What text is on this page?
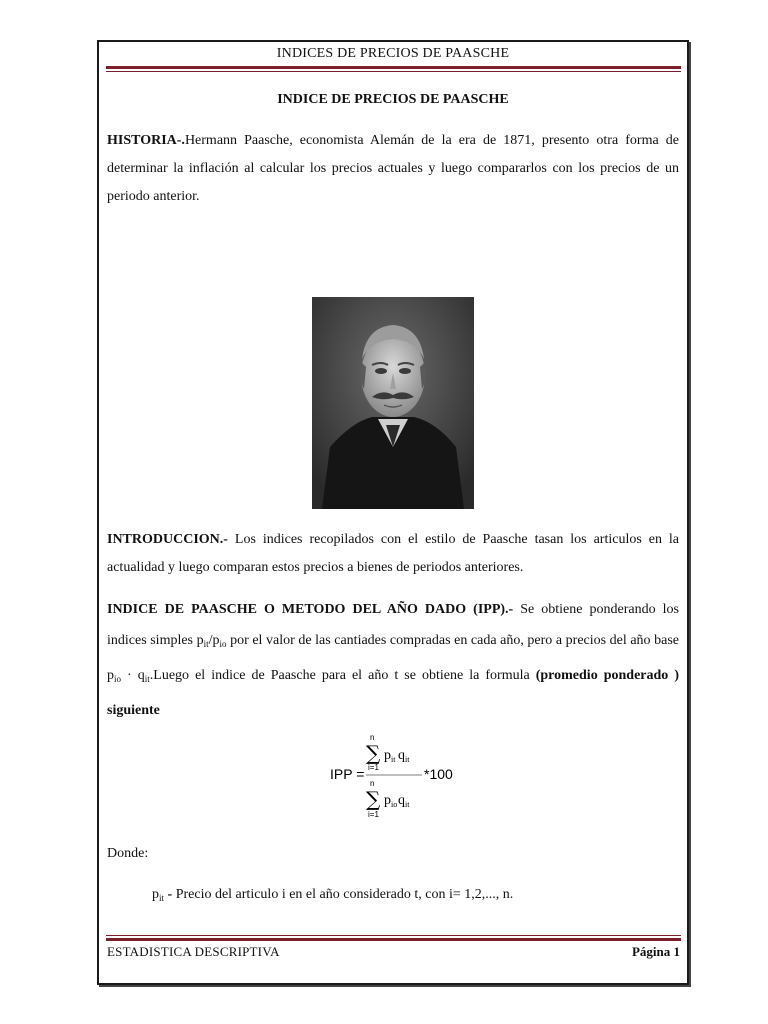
INDICES DE PRECIOS DE PAASCHE
INDICE DE PRECIOS DE PAASCHE
HISTORIA-.Hermann Paasche, economista Alemán de la era de 1871, presento otra forma de determinar la inflación al calcular los precios actuales y luego compararlos con los precios de un periodo anterior.
INTRODUCCION.- Los indices recopilados con el estilo de Paasche tasan los articulos en la actualidad y luego comparan estos precios a bienes de periodos anteriores.
INDICE DE PAASCHE O METODO DEL AÑO DADO (IPP).- Se obtiene ponderando los indices simples $p_{it}/p_{io}$ por el valor de las cantiades compradas en cada año, pero a precios del año base $p_{io}$ · $q_{it}.Luego$ el indice de Paasche para el año t se obtiene la formula (promedio ponderado ) siguiente
IPP =
n
∑
i=1
p it q it
*100
n
∑
i=1
p io q it
Donde:
$p_{it}$ - Precio del articulo i en el año considerado t, con i= 1,2,..., n.
ESTADISTICA DESCRIPTIVA	Página 1
